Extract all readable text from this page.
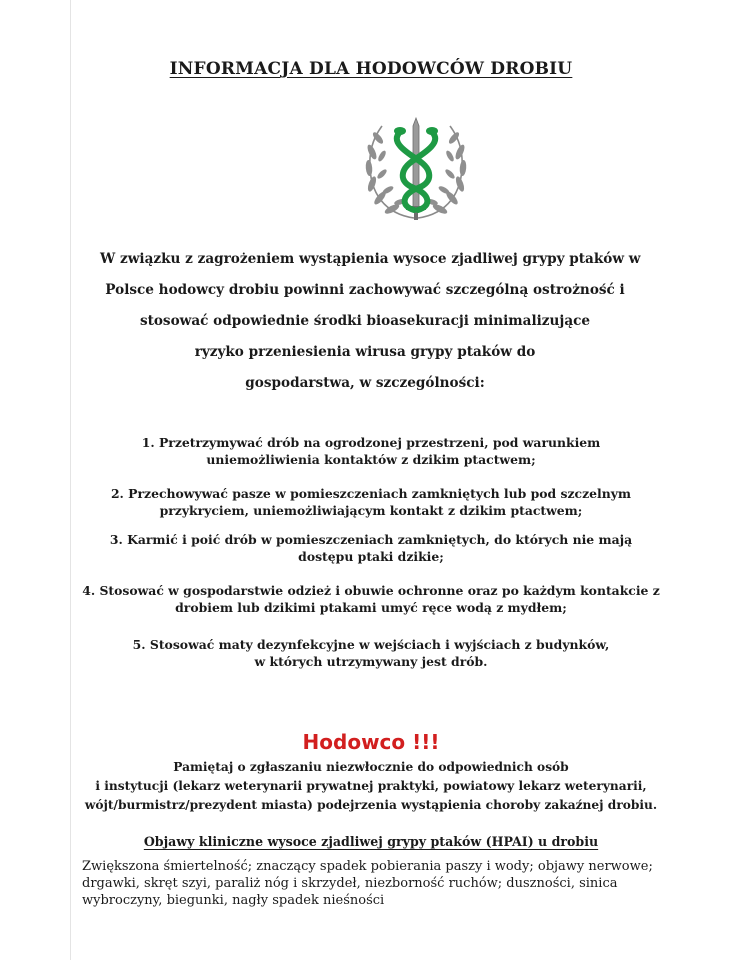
INFORMACJA DLA HODOWCÓW DROBIU
W związku z zagrożeniem wystąpienia wysoce zjadliwej grypy ptaków w
Polsce hodowcy drobiu powinni zachowywać szczególną ostrożność i
stosować odpowiednie środki bioasekuracji minimalizujące
ryzyko przeniesienia wirusa grypy ptaków do
gospodarstwa, w szczególności:
1. Przetrzymywać drób na ogrodzonej przestrzeni, pod warunkiem
uniemożliwienia kontaktów z dzikim ptactwem;
2. Przechowywać pasze w pomieszczeniach zamkniętych lub pod szczelnym
przykryciem, uniemożliwiającym kontakt z dzikim ptactwem;
3. Karmić i poić drób w pomieszczeniach zamkniętych, do których nie mają
dostępu ptaki dzikie;
4. Stosować w gospodarstwie odzież i obuwie ochronne oraz po każdym kontakcie z
drobiem lub dzikimi ptakami umyć ręce wodą z mydłem;
5. Stosować maty dezynfekcyjne w wejściach i wyjściach z budynków,
w których utrzymywany jest drób.
Hodowco !!!
Pamiętaj o zgłaszaniu niezwłocznie do odpowiednich osób
i instytucji (lekarz weterynarii prywatnej praktyki, powiatowy lekarz weterynarii,
wójt/burmistrz/prezydent miasta) podejrzenia wystąpienia choroby zakaźnej drobiu.
Objawy kliniczne wysoce zjadliwej grypy ptaków (HPAI) u drobiu
Zwiększona śmiertelność; znaczący spadek pobierania paszy i wody; objawy nerwowe;
drgawki, skręt szyi, paraliż nóg i skrzydeł, niezborność ruchów; duszności, sinica
wybroczyny, biegunki, nagły spadek nieśności
